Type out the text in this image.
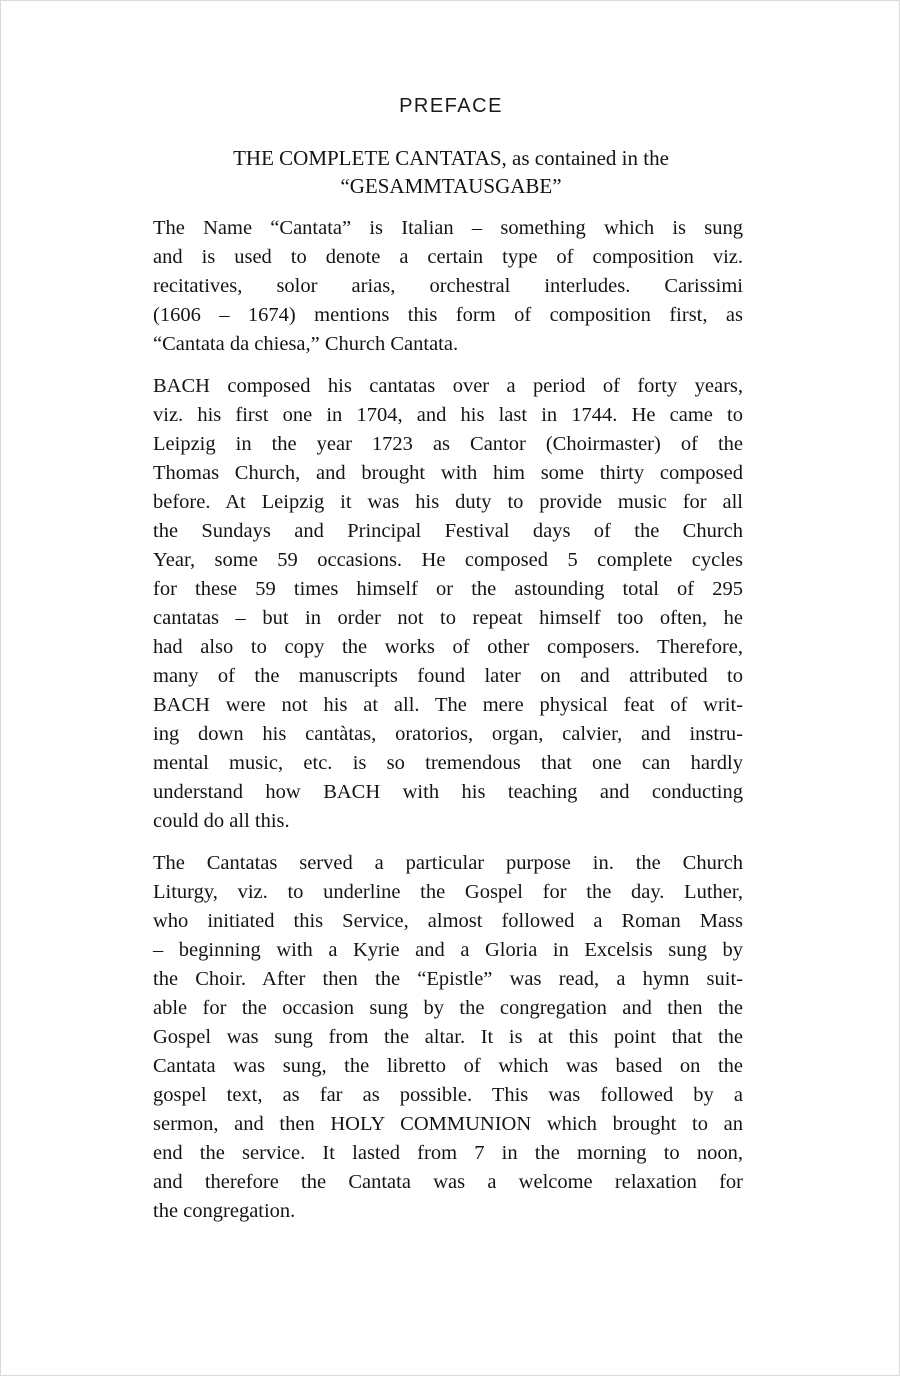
PREFACE
THE COMPLETE CANTATAS, as contained in the
“GESAMMTAUSGABE”
The Name “Cantata” is Italian – something which is sung
and is used to denote a certain type of composition viz.
recitatives, solor arias, orchestral interludes. Carissimi
(1606 – 1674) mentions this form of composition first, as
“Cantata da chiesa,” Church Cantata.
BACH composed his cantatas over a period of forty years,
viz. his first one in 1704, and his last in 1744. He came to
Leipzig in the year 1723 as Cantor (Choirmaster) of the
Thomas Church, and brought with him some thirty composed
before. At Leipzig it was his duty to provide music for all
the Sundays and Principal Festival days of the Church
Year, some 59 occasions. He composed 5 complete cycles
for these 59 times himself or the astounding total of 295
cantatas – but in order not to repeat himself too often, he
had also to copy the works of other composers. Therefore,
many of the manuscripts found later on and attributed to
BACH were not his at all. The mere physical feat of writ-
ing down his cantàtas, oratorios, organ, calvier, and instru-
mental music, etc. is so tremendous that one can hardly
understand how BACH with his teaching and conducting
could do all this.
The Cantatas served a particular purpose in. the Church
Liturgy, viz. to underline the Gospel for the day. Luther,
who initiated this Service, almost followed a Roman Mass
– beginning with a Kyrie and a Gloria in Excelsis sung by
the Choir. After then the “Epistle” was read, a hymn suit-
able for the occasion sung by the congregation and then the
Gospel was sung from the altar. It is at this point that the
Cantata was sung, the libretto of which was based on the
gospel text, as far as possible. This was followed by a
sermon, and then HOLY COMMUNION which brought to an
end the service. It lasted from 7 in the morning to noon,
and therefore the Cantata was a welcome relaxation for
the congregation.
